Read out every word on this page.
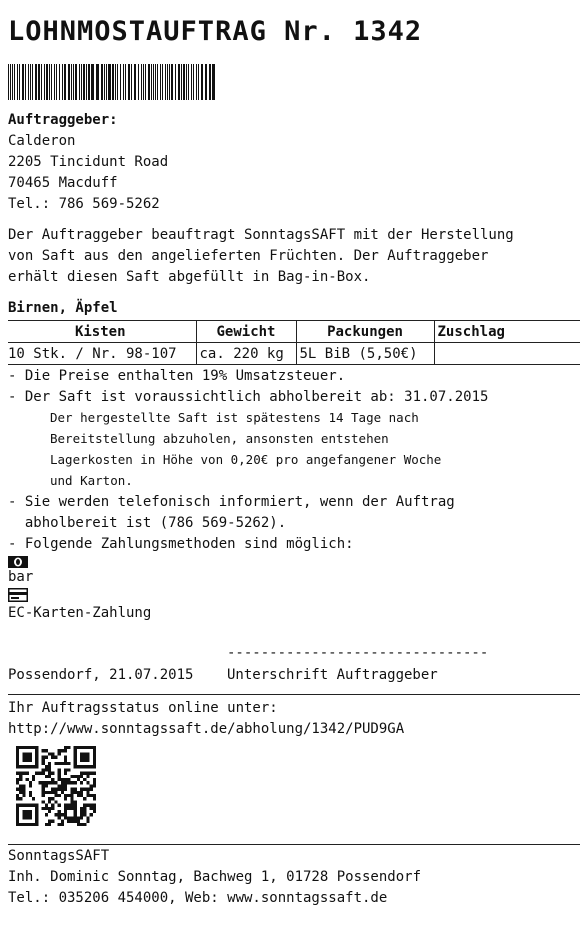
LOHNMOSTAUFTRAG Nr. 1342
Auftraggeber:
Calderon
2205 Tincidunt Road
70465 Macduff
Tel.: 786 569-5262
Der Auftraggeber beauftragt SonntagsSAFT mit der Herstellung
von Saft aus den angelieferten Früchten. Der Auftraggeber
erhält diesen Saft abgefüllt in Bag-in-Box.
Birnen, Äpfel
Kisten	Gewicht	Packungen	Zuschlag
10 Stk. / Nr. 98-107	ca. 220 kg	5L BiB (5,50€)	
- Die Preise enthalten 19% Umsatzsteuer.
- Der Saft ist voraussichtlich abholbereit ab: 31.07.2015
Der hergestellte Saft ist spätestens 14 Tage nach
Bereitstellung abzuholen, ansonsten entstehen
Lagerkosten in Höhe von 0,20€ pro angefangener Woche
und Karton.
- Sie werden telefonisch informiert, wenn der Auftrag
abholbereit ist (786 569-5262).
- Folgende Zahlungsmethoden sind möglich:
bar
EC-Karten-Zahlung
-------------------------------
Possendorf, 21.07.2015 Unterschrift Auftraggeber
Ihr Auftragsstatus online unter:
http://www.sonntagssaft.de/abholung/1342/PUD9GA
SonntagsSAFT
Inh. Dominic Sonntag, Bachweg 1, 01728 Possendorf
Tel.: 035206 454000, Web: www.sonntagssaft.de
